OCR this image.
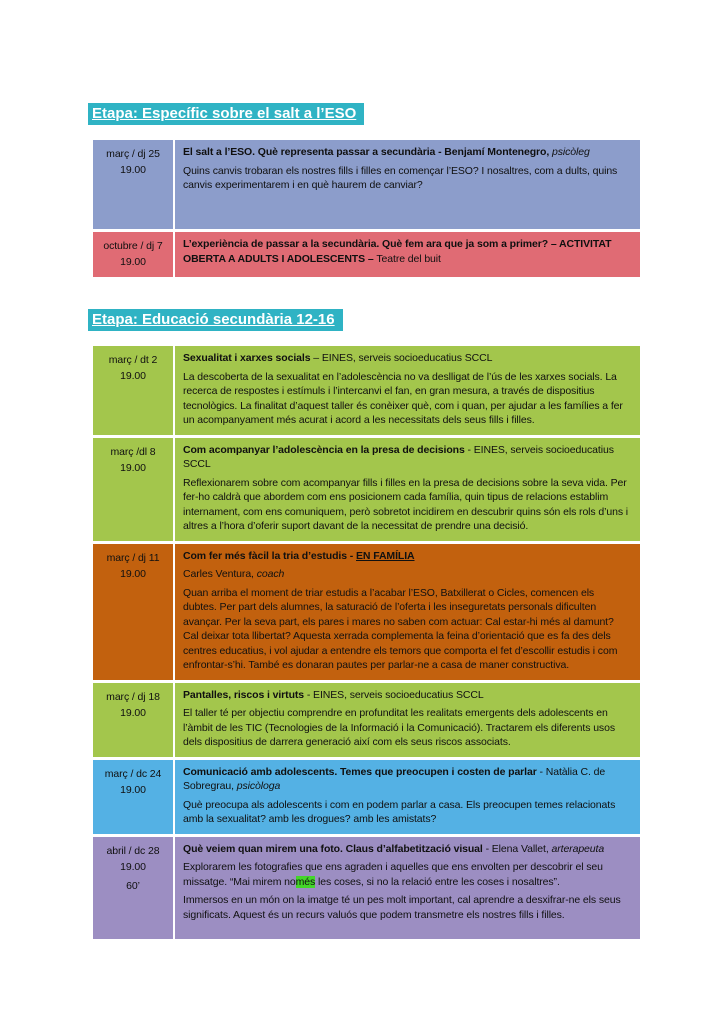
Etapa: Específic sobre el salt a l’ESO
març / dj 25
19.00

El salt a l’ESO. Què representa passar a secundària - Benjamí Montenegro, psicòleg

Quins canvis trobaran els nostres fills i filles en començar l’ESO? I nosaltres, com a dults, quins canvis experimentarem i en què haurem de canviar?

octubre / dj 7
19.00

L’experiència de passar a la secundària. Què fem ara que ja som a primer? – ACTIVITAT OBERTA A ADULTS I ADOLESCENTS – Teatre del buit

Etapa: Educació secundària 12-16
març / dt 2
19.00

Sexualitat i xarxes socials – EINES, serveis socioeducatius SCCL

La descoberta de la sexualitat en l’adolescència no va deslligat de l’ús de les xarxes socials. La recerca de respostes i estímuls i l’intercanvi el fan, en gran mesura, a través de dispositius tecnològics. La finalitat d’aquest taller és conèixer què, com i quan, per ajudar a les famílies a fer un acompanyament més acurat i acord a les necessitats dels seus fills i filles.

març /dl 8
19.00

Com acompanyar l’adolescència en la presa de decisions - EINES, serveis socioeducatius SCCL

Reflexionarem sobre com acompanyar fills i filles en la presa de decisions sobre la seva vida. Per fer-ho caldrà que abordem com ens posicionem cada família, quin tipus de relacions establim internament, com ens comuniquem, però sobretot incidirem en descubrir quins són els rols d’uns i altres a l’hora d’oferir suport davant de la necessitat de prendre una decisió.

març / dj 11
19.00

Com fer més fàcil la tria d’estudis - EN FAMÍLIA

Carles Ventura, coach

Quan arriba el moment de triar estudis a l’acabar l’ESO, Batxillerat o Cicles, comencen els dubtes. Per part dels alumnes, la saturació de l’oferta i les inseguretats personals dificulten avançar. Per la seva part, els pares i mares no saben com actuar: Cal estar-hi més al damunt? Cal deixar tota llibertat? Aquesta xerrada complementa la feina d’orientació que es fa des dels centres educatius, i vol ajudar a entendre els temors que comporta el fet d’escollir estudis i com enfrontar-s’hi. També es donaran pautes per parlar-ne a casa de maner constructiva.

març / dj 18
19.00

Pantalles, riscos i virtuts - EINES, serveis socioeducatius SCCL

El taller té per objectiu comprendre en profunditat les realitats emergents dels adolescents en l’àmbit de les TIC (Tecnologies de la Informació i la Comunicació). Tractarem els diferents usos dels dispositius de darrera generació així com els seus riscos associats.

març / dc 24
19.00

Comunicació amb adolescents. Temes que preocupen i costen de parlar - Natàlia C. de Sobregrau, psicòloga

Què preocupa als adolescents i com en podem parlar a casa. Els preocupen temes relacionats amb la sexualitat? amb les drogues? amb les amistats?

abril / dc 28
19.00
60’

Què veiem quan mirem una foto. Claus d’alfabetització visual - Elena Vallet, arterapeuta

Explorarem les fotografies que ens agraden i aquelles que ens envolten per descobrir el seu missatge. “Mai mirem només les coses, si no la relació entre les coses i nosaltres”.

Immersos en un món on la imatge té un pes molt important, cal aprendre a desxifrar-ne els seus significats. Aquest és un recurs valuós que podem transmetre els nostres fills i filles.
